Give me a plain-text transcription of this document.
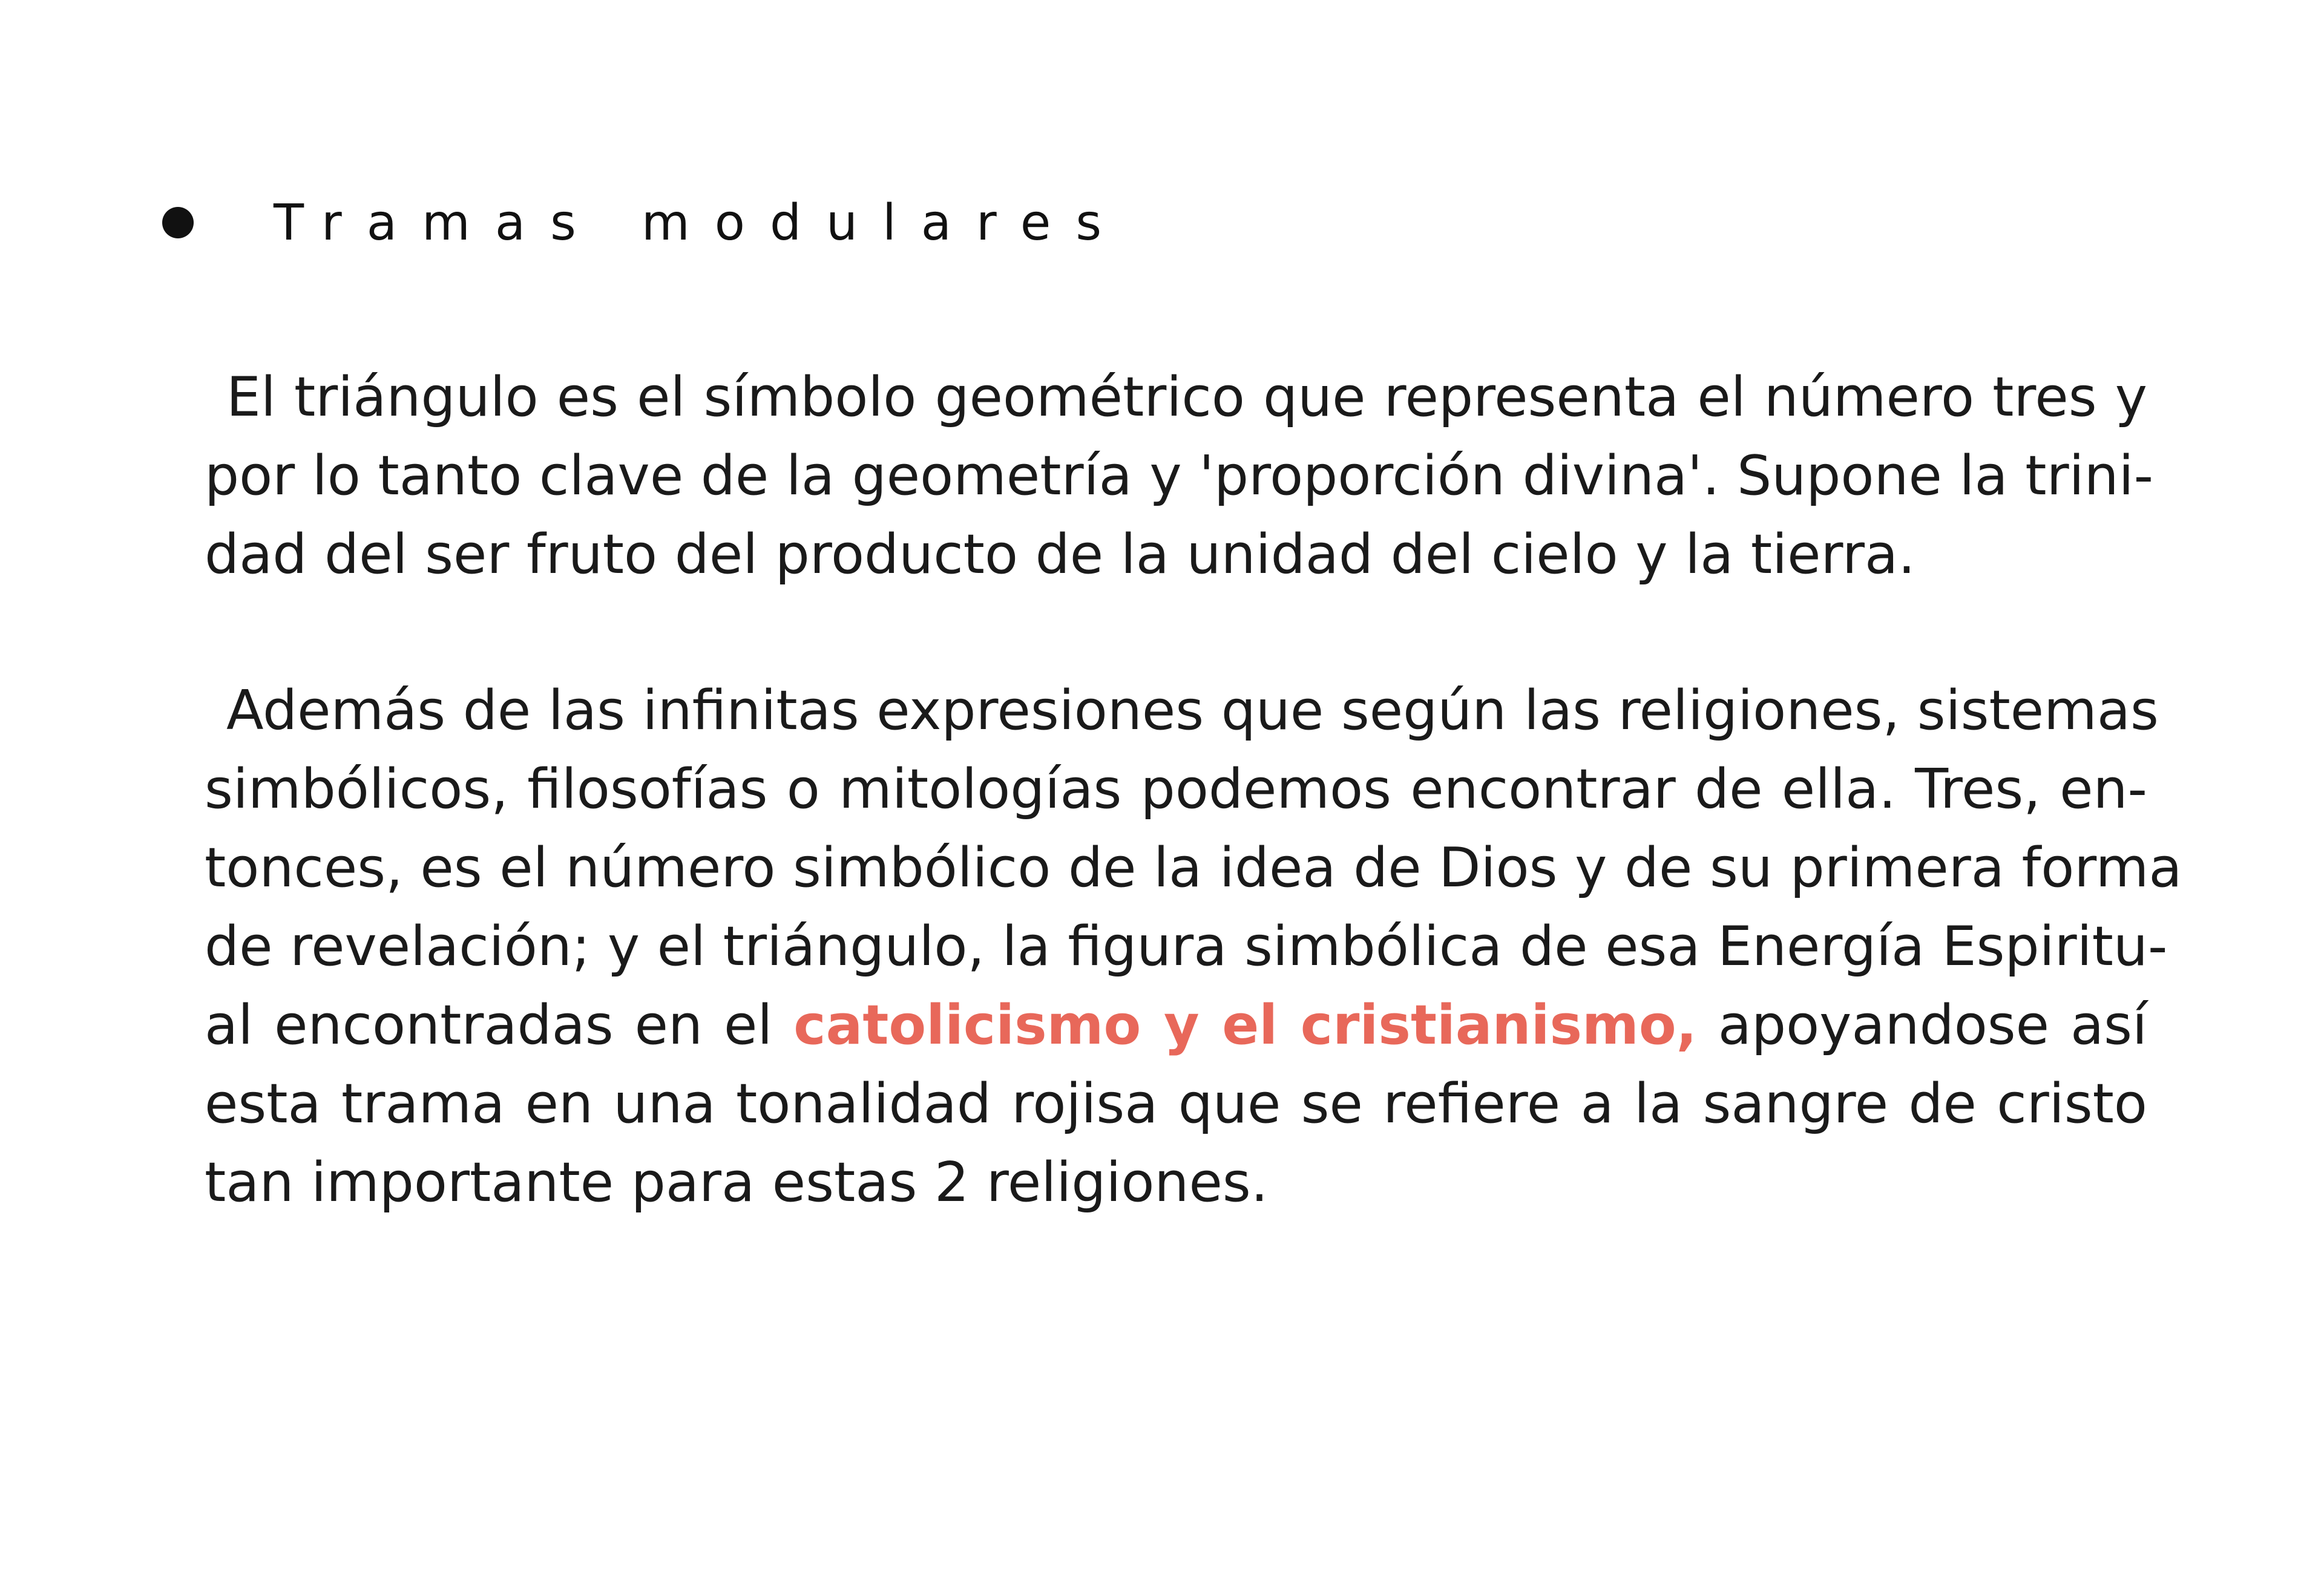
Tramas modulares

El triángulo es el símbolo geométrico que representa el número tres y
por lo tanto clave de la geometría y 'proporción divina'. Supone la trini-
dad del ser fruto del producto de la unidad del cielo y la tierra.

Además de las infinitas expresiones que según las religiones, sistemas
simbólicos, filosofías o mitologías podemos encontrar de ella. Tres, en-
tonces, es el número simbólico de la idea de Dios y de su primera forma
de revelación; y el triángulo, la figura simbólica de esa Energía Espiritu-
al encontradas en el catolicismo y el cristianismo, apoyandose así
esta trama en una tonalidad rojisa que se refiere a la sangre de cristo
tan importante para estas 2 religiones.
